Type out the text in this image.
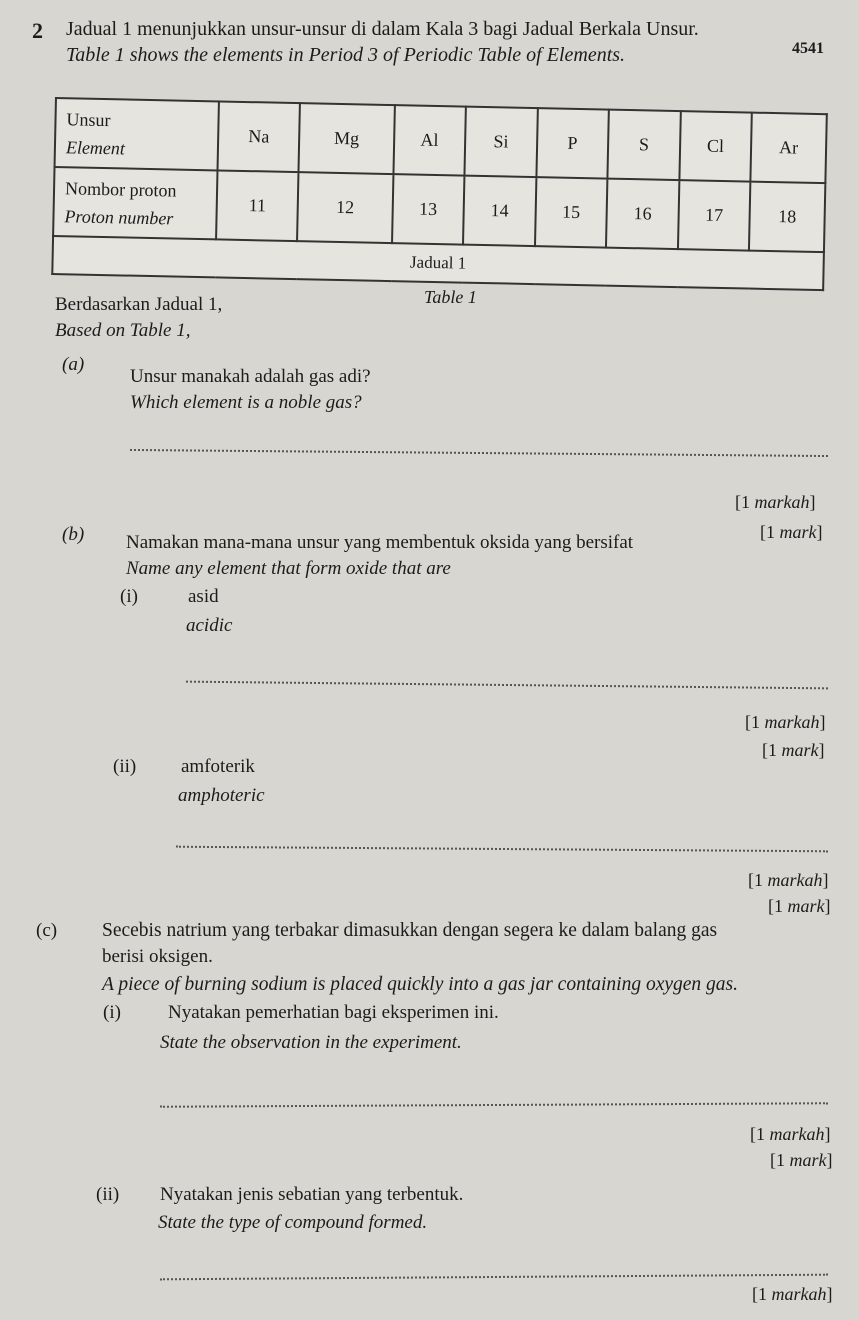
2
4541
Jadual 1 menunjukkan unsur-unsur di dalam Kala 3 bagi Jadual Berkala Unsur.
Table 1 shows the elements in Period 3 of Periodic Table of Elements.
Unsur
Element	Na	Mg	Al	Si	P	S	Cl	Ar

Nombor proton
Proton number	11	12	13	14	15	16	17	18
Jadual 1								
Table 1
Berdasarkan Jadual 1,
Based on Table 1,
(a)
Unsur manakah adalah gas adi?
Which element is a noble gas?
[1 markah]
[1 mark]
(b) Namakan mana-mana unsur yang membentuk oksida yang bersifat
Name any element that form oxide that are
(i)	asid
acidic
[1 markah]
[1 mark]
(ii) amfoterik
amphoteric
[1 markah]
[1 mark]
(c) Secebis natrium yang terbakar dimasukkan dengan segera ke dalam balang gas
berisi oksigen.
A piece of burning sodium is placed quickly into a gas jar containing oxygen gas.
(i) Nyatakan pemerhatian bagi eksperimen ini.
State the observation in the experiment.
[1 markah]
[1 mark]
(ii) Nyatakan jenis sebatian yang terbentuk.
State the type of compound formed.
[1 markah]
